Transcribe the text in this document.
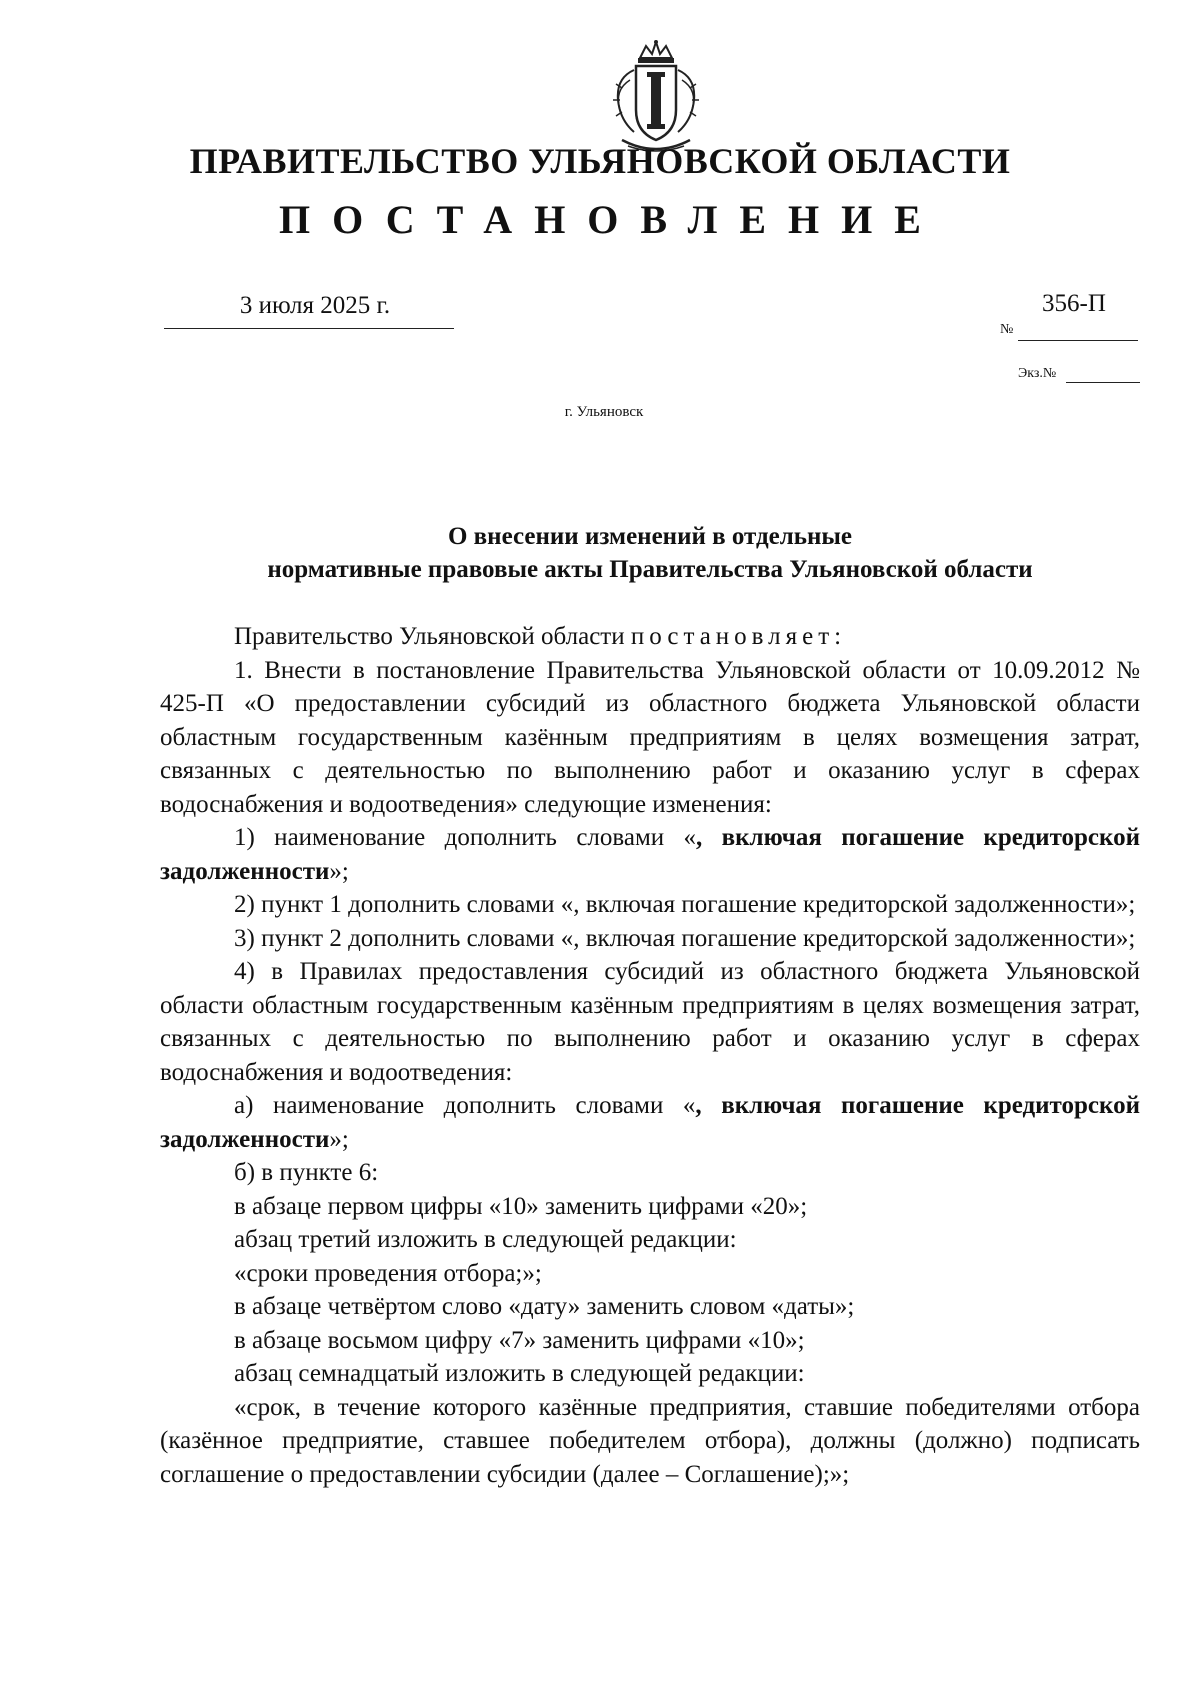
ПРАВИТЕЛЬСТВО УЛЬЯНОВСКОЙ ОБЛАСТИ
ПОСТАНОВЛЕНИЕ
3 июля 2025 г.	356-П
№
Экз.№
г. Ульяновск
О внесении изменений в отдельные
нормативные правовые акты Правительства Ульяновской области

Правительство Ульяновской области постановляет:

1. Внести в постановление Правительства Ульяновской области от 10.09.2012 № 425-П «О предоставлении субсидий из областного бюджета Ульяновской области областным государственным казённым предприятиям в целях возмещения затрат, связанных с деятельностью по выполнению работ и оказанию услуг в сферах водоснабжения и водоотведения» следующие изменения:

1) наименование дополнить словами «, включая погашение кредиторской задолженности»;

2) пункт 1 дополнить словами «, включая погашение кредиторской задолженности»;

3) пункт 2 дополнить словами «, включая погашение кредиторской задолженности»;

4) в Правилах предоставления субсидий из областного бюджета Ульяновской области областным государственным казённым предприятиям в целях возмещения затрат, связанных с деятельностью по выполнению работ и оказанию услуг в сферах водоснабжения и водоотведения:

а) наименование дополнить словами «, включая погашение кредиторской задолженности»;

б) в пункте 6:

в абзаце первом цифры «10» заменить цифрами «20»;

абзац третий изложить в следующей редакции:

«сроки проведения отбора;»;

в абзаце четвёртом слово «дату» заменить словом «даты»;

в абзаце восьмом цифру «7» заменить цифрами «10»;

абзац семнадцатый изложить в следующей редакции:

«срок, в течение которого казённые предприятия, ставшие победителями отбора (казённое предприятие, ставшее победителем отбора), должны (должно) подписать соглашение о предоставлении субсидии (далее – Соглашение);»;
